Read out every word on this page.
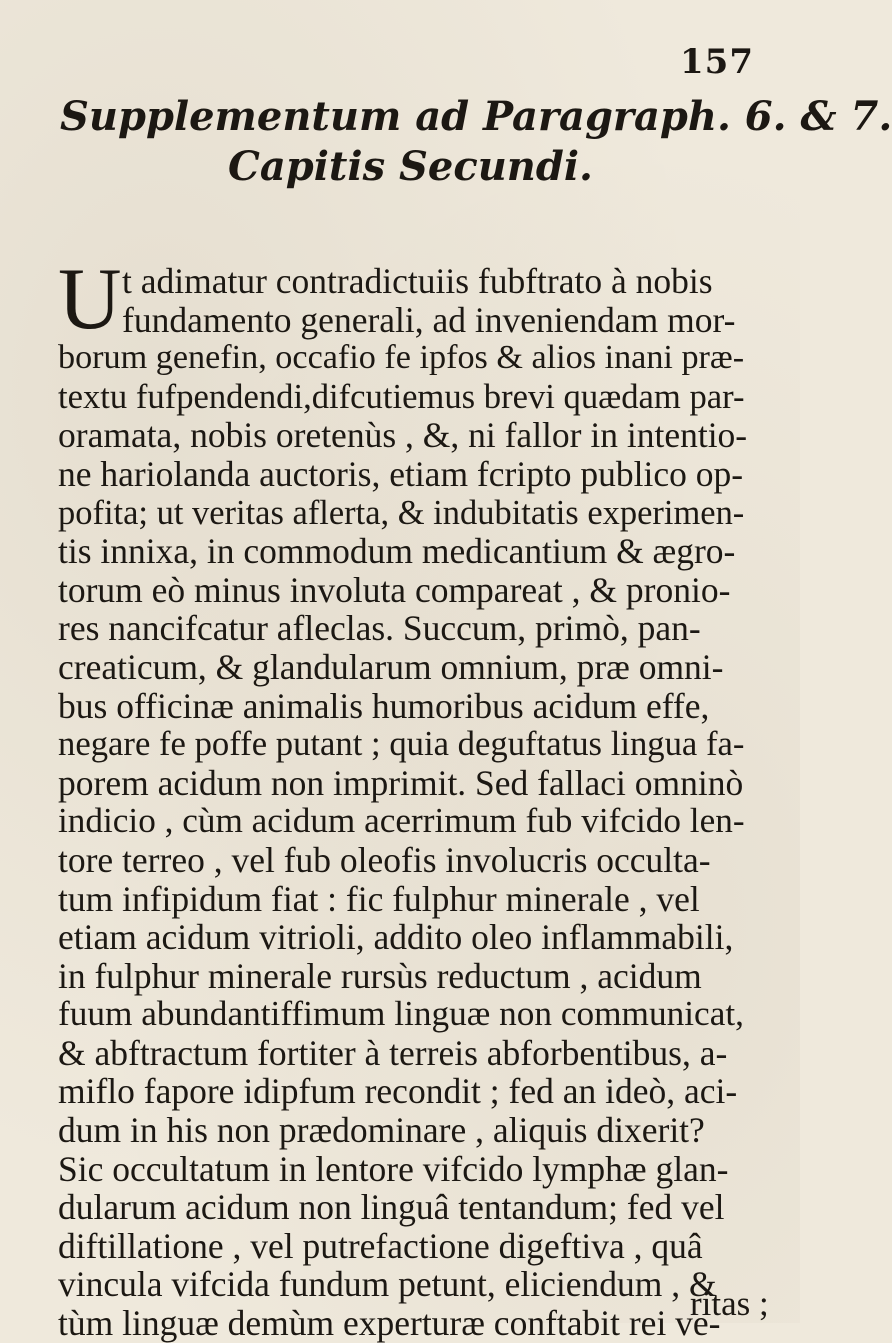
157
Supplementum ad Paragraph. 6. & 7.
Capitis Secundi.
U t adimatur contradictuiis fubftrato à nobis
fundamento generali, ad inveniendam mor-
borum genefin, occafio fe ipfos & alios inani præ-
textu fufpendendi,difcutiemus brevi quædam par-
oramata, nobis oretenùs , &, ni fallor in intentio-
ne hariolanda auctoris, etiam fcripto publico op-
pofita; ut veritas aflerta, & indubitatis experimen-
tis innixa, in commodum medicantium & ægro-
torum eò minus involuta compareat , & pronio-
res nancifcatur afleclas. Succum, primò, pan-
creaticum, & glandularum omnium, præ omni-
bus officinæ animalis humoribus acidum effe,
negare fe poffe putant ; quia deguftatus lingua fa-
porem acidum non imprimit. Sed fallaci omninò
indicio , cùm acidum acerrimum fub vifcido len-
tore terreo , vel fub oleofis involucris occulta-
tum infipidum fiat : fic fulphur minerale , vel
etiam acidum vitrioli, addito oleo inflammabili,
in fulphur minerale rursùs reductum , acidum
fuum abundantiffimum linguæ non communicat,
& abftractum fortiter à terreis abforbentibus, a-
miflo fapore idipfum recondit ; fed an ideò, aci-
dum in his non prædominare , aliquis dixerit?
Sic occultatum in lentore vifcido lymphæ glan-
dularum acidum non linguâ tentandum; fed vel
diftillatione , vel putrefactione digeftiva , quâ
vincula vifcida fundum petunt, eliciendum , &
tùm linguæ demùm experturæ conftabit rei ve-
ritas ;
